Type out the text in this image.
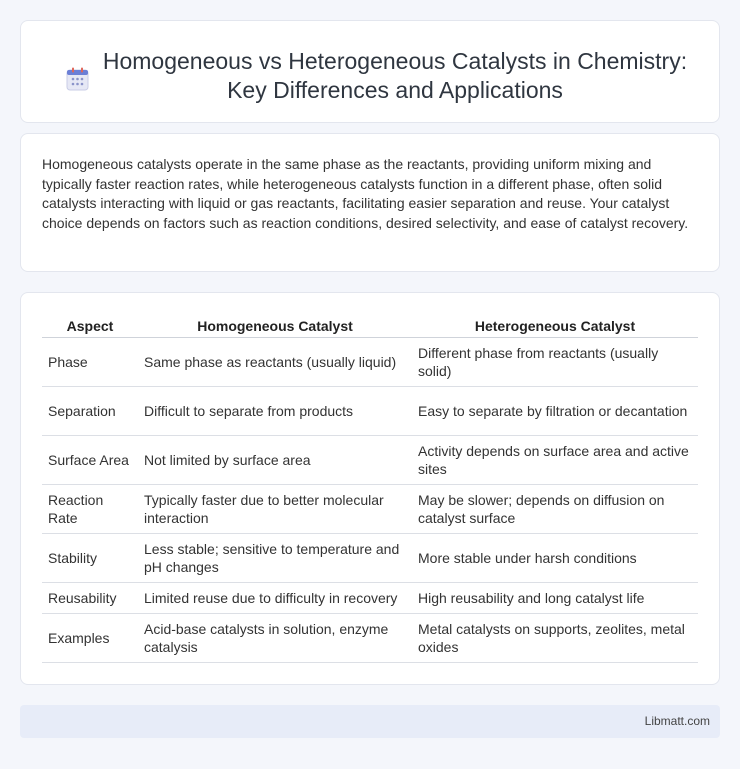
Homogeneous vs Heterogeneous Catalysts in Chemistry: Key Differences and Applications

Homogeneous catalysts operate in the same phase as the reactants, providing uniform mixing and typically faster reaction rates, while heterogeneous catalysts function in a different phase, often solid catalysts interacting with liquid or gas reactants, facilitating easier separation and reuse. Your catalyst choice depends on factors such as reaction conditions, desired selectivity, and ease of catalyst recovery.

Aspect	Homogeneous Catalyst	Heterogeneous Catalyst
Phase	Same phase as reactants (usually liquid)	Different phase from reactants (usually solid)
Separation	Difficult to separate from products	Easy to separate by filtration or decantation
Surface Area	Not limited by surface area	Activity depends on surface area and active sites
Reaction Rate	Typically faster due to better molecular interaction	May be slower; depends on diffusion on catalyst surface
Stability	Less stable; sensitive to temperature and pH changes	More stable under harsh conditions
Reusability	Limited reuse due to difficulty in recovery	High reusability and long catalyst life
Examples	Acid-base catalysts in solution, enzyme catalysis	Metal catalysts on supports, zeolites, metal oxides
Libmatt.com
